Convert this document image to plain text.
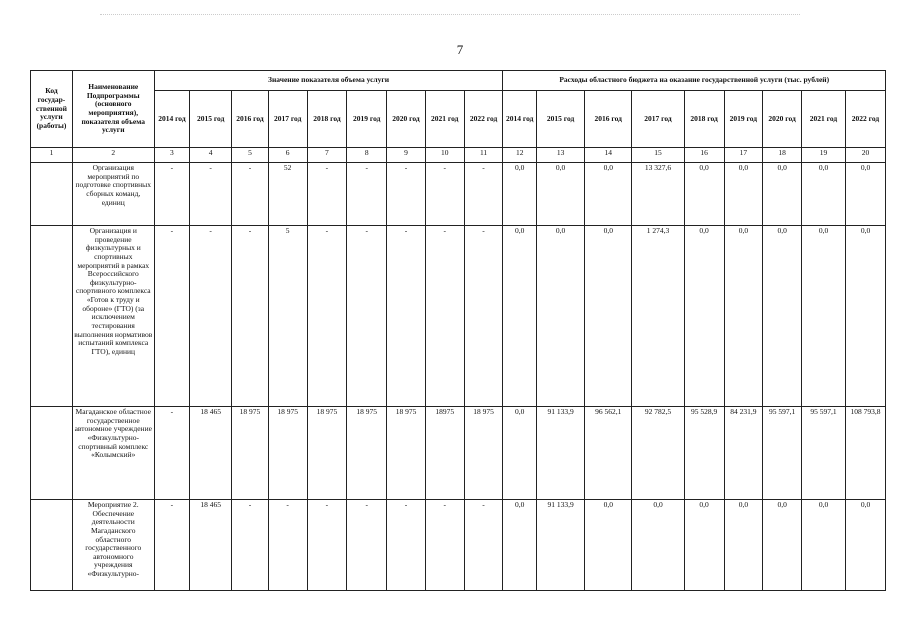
7
Код государ-ственной услуги (работы)	Наименование Подпрограммы (основного мероприятия), показателя объема услуги	Значение показателя объема услуги									Расходы областного бюджета на оказание государственной услуги (тыс. рублей)								
		2014 год	2015 год	2016 год	2017 год	2018 год	2019 год	2020 год	2021 год	2022 год	2014 год	2015 год	2016 год	2017 год	2018 год	2019 год	2020 год	2021 год	2022 год
1	2	3	4	5	6	7	8	9	10	11	12	13	14	15	16	17	18	19	20
	Организация мероприятий по подготовке спортивных сборных команд, единиц	-	-	-	52	-	-	-	-	-	0,0	0,0	0,0	13 327,6	0,0	0,0	0,0	0,0	0,0
	Организация и проведение физкультурных и спортивных мероприятий в рамках Всероссийского физкультурно-спортивного комплекса «Готов к труду и обороне» (ГТО) (за исключением тестирования выполнения нормативов испытаний комплекса ГТО), единиц	-	-	-	5	-	-	-	-	-	0,0	0,0	0,0	1 274,3	0,0	0,0	0,0	0,0	0,0
	Магаданское областное государственное автономное учреждение «Физкультурно-спортивный комплекс «Колымский»	-	18 465	18 975	18 975	18 975	18 975	18 975	18975	18 975	0,0	91 133,9	96 562,1	92 782,5	95 528,9	84 231,9	95 597,1	95 597,1	108 793,8
	Мероприятие 2. Обеспечение деятельности Магаданского областного государственного автономного учреждения «Физкультурно-	-	18 465	-	-	-	-	-	-	-	0,0	91 133,9	0,0	0,0	0,0	0,0	0,0	0,0	0,0
